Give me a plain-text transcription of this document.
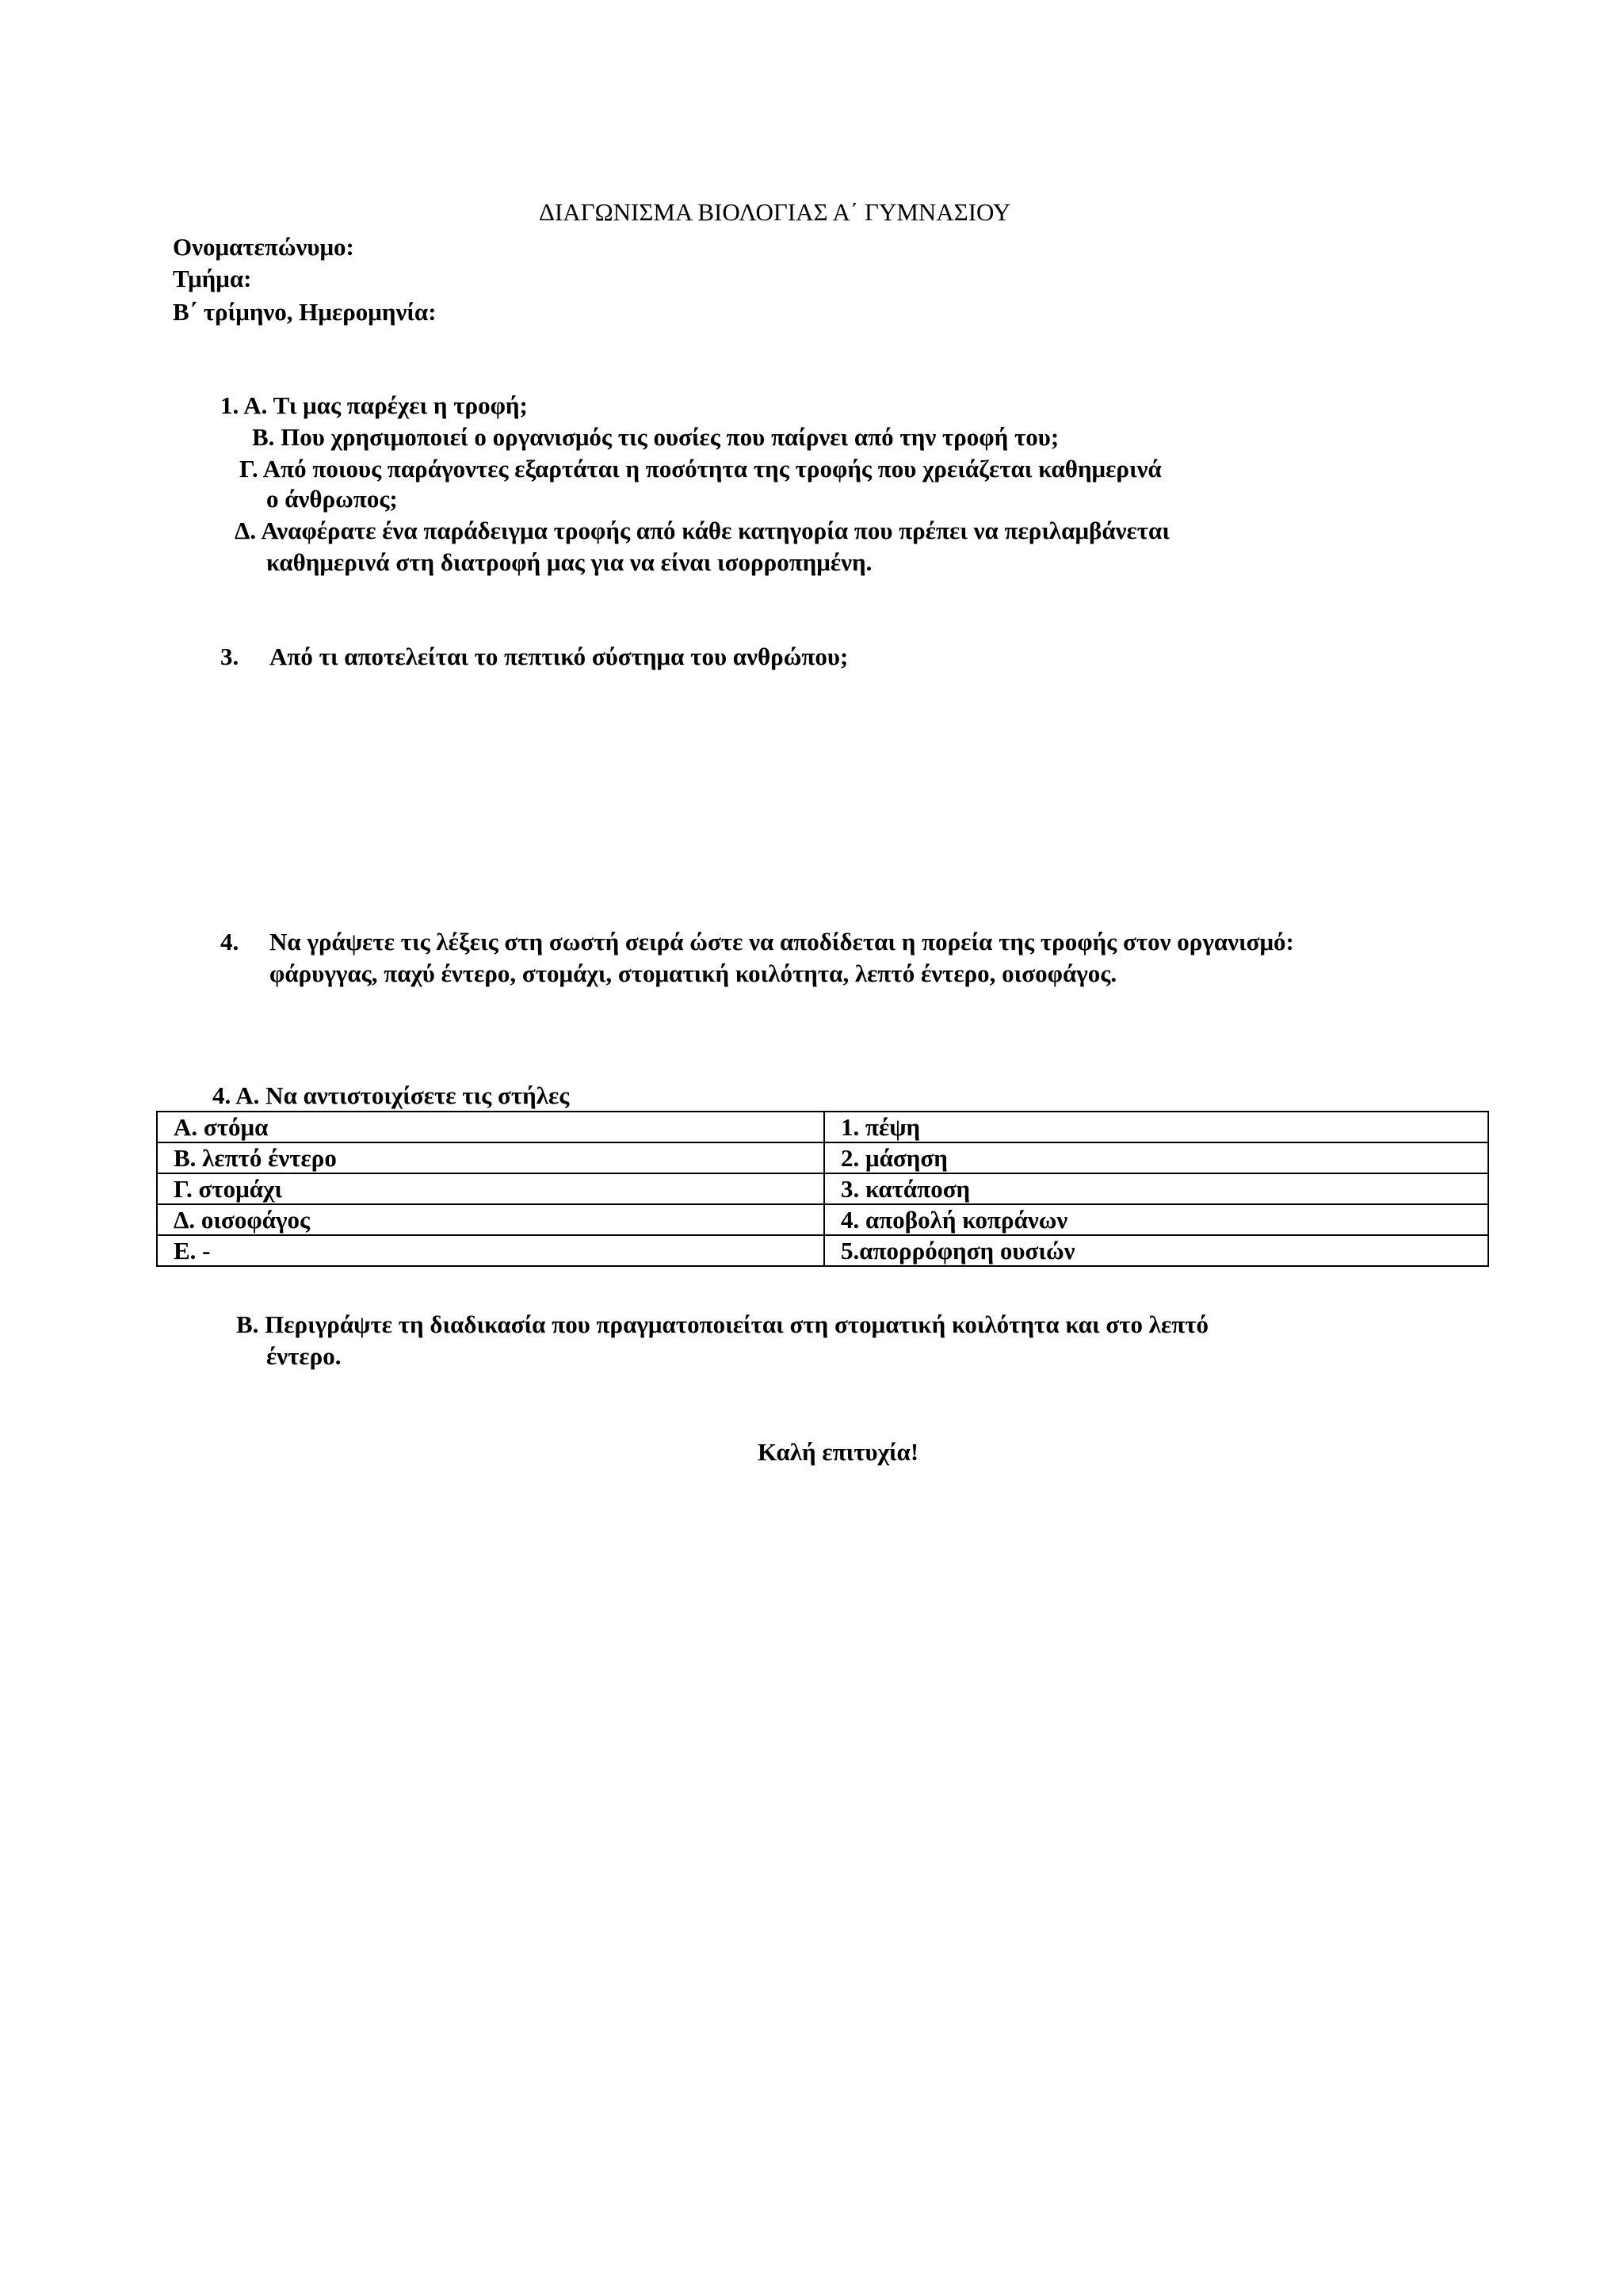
ΔΙΑΓΩΝΙΣΜΑ ΒΙΟΛΟΓΙΑΣ Α΄ ΓΥΜΝΑΣΙΟΥ
Ονοματεπώνυμο:
Τμήμα:
Β΄ τρίμηνο, Ημερομηνία:
1. Α. Τι μας παρέχει η τροφή;
Β. Που χρησιμοποιεί ο οργανισμός τις ουσίες που παίρνει από την τροφή του;
Γ. Από ποιους παράγοντες εξαρτάται η ποσότητα της τροφής που χρειάζεται καθημερινά
ο άνθρωπος;
Δ. Αναφέρατε ένα παράδειγμα τροφής από κάθε κατηγορία που πρέπει να περιλαμβάνεται
καθημερινά στη διατροφή μας για να είναι ισορροπημένη.
3. Από τι αποτελείται το πεπτικό σύστημα του ανθρώπου;
4. Να γράψετε τις λέξεις στη σωστή σειρά ώστε να αποδίδεται η πορεία της τροφής στον οργανισμό:
φάρυγγας, παχύ έντερο, στομάχι, στοματική κοιλότητα, λεπτό έντερο, οισοφάγος.
4. Α. Να αντιστοιχίσετε τις στήλες
Α. στόμα	1. πέψη
Β. λεπτό έντερο	2. μάσηση
Γ. στομάχι	3. κατάποση
Δ. οισοφάγος	4. αποβολή κοπράνων
Ε. -	5.απορρόφηση ουσιών
Β. Περιγράψτε τη διαδικασία που πραγματοποιείται στη στοματική κοιλότητα και στο λεπτό
έντερο.
Καλή επιτυχία!
